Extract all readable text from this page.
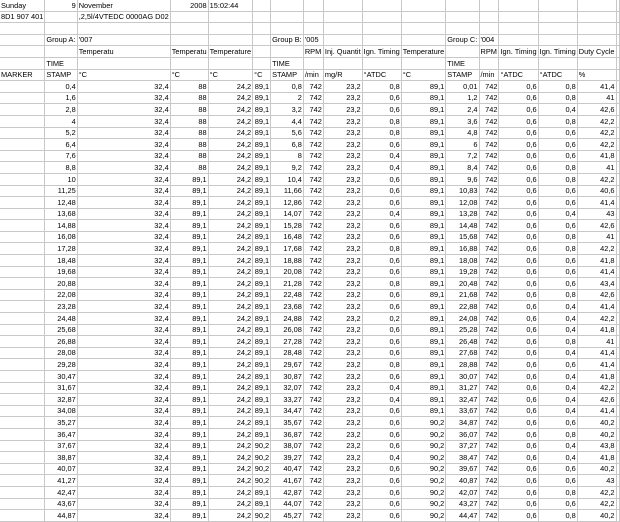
Sunday	9	November	2008	15:02:44												
8D1 907 401		,2,5l/4VTEDC 0000AG D02														

	Group A:	'007				Group B:	'005				Group C:	'004				
		Temperatu	Temperatu	Temperature			RPM	Inj. Quantit	Ign. Timing	Temperature		RPM	Ign. Timing	Ign. Timing	Duty Cycle	
	TIME					TIME					TIME					
MARKER	STAMP	°C	°C	°C	°C	STAMP	/min	mg/R	°ATDC	°C	STAMP	/min	°ATDC	°ATDC	%	
	0,4	32,4	88	24,2	89,1	0,8	742	23,2	0,8	89,1	0,01	742	0,6	0,8	41,4	
	1,6	32,4	88	24,2	89,1	2	742	23,2	0,6	89,1	1,2	742	0,6	0,8	41	
	2,8	32,4	88	24,2	89,1	3,2	742	23,2	0,6	89,1	2,4	742	0,6	0,4	42,6	
	4	32,4	88	24,2	89,1	4,4	742	23,2	0,8	89,1	3,6	742	0,6	0,8	42,2	
	5,2	32,4	88	24,2	89,1	5,6	742	23,2	0,8	89,1	4,8	742	0,6	0,6	42,2	
	6,4	32,4	88	24,2	89,1	6,8	742	23,2	0,6	89,1	6	742	0,6	0,6	42,2	
	7,6	32,4	88	24,2	89,1	8	742	23,2	0,4	89,1	7,2	742	0,6	0,6	41,8	
	8,8	32,4	88	24,2	89,1	9,2	742	23,2	0,4	89,1	8,4	742	0,6	0,8	41	
	10	32,4	89,1	24,2	89,1	10,4	742	23,2	0,6	89,1	9,6	742	0,6	0,8	42,2	
	11,25	32,4	89,1	24,2	89,1	11,66	742	23,2	0,6	89,1	10,83	742	0,6	0,6	40,6	
	12,48	32,4	89,1	24,2	89,1	12,86	742	23,2	0,6	89,1	12,08	742	0,6	0,6	41,4	
	13,68	32,4	89,1	24,2	89,1	14,07	742	23,2	0,4	89,1	13,28	742	0,6	0,4	43	
	14,88	32,4	89,1	24,2	89,1	15,28	742	23,2	0,6	89,1	14,48	742	0,6	0,6	42,6	
	16,08	32,4	89,1	24,2	89,1	16,48	742	23,2	0,6	89,1	15,68	742	0,6	0,8	41	
	17,28	32,4	89,1	24,2	89,1	17,68	742	23,2	0,8	89,1	16,88	742	0,6	0,8	42,2	
	18,48	32,4	89,1	24,2	89,1	18,88	742	23,2	0,6	89,1	18,08	742	0,6	0,6	41,8	
	19,68	32,4	89,1	24,2	89,1	20,08	742	23,2	0,6	89,1	19,28	742	0,6	0,6	41,4	
	20,88	32,4	89,1	24,2	89,1	21,28	742	23,2	0,8	89,1	20,48	742	0,6	0,6	43,4	
	22,08	32,4	89,1	24,2	89,1	22,48	742	23,2	0,6	89,1	21,68	742	0,6	0,8	42,6	
	23,28	32,4	89,1	24,2	89,1	23,68	742	23,2	0,6	89,1	22,88	742	0,6	0,4	41,4	
	24,48	32,4	89,1	24,2	89,1	24,88	742	23,2	0,2	89,1	24,08	742	0,6	0,4	42,2	
	25,68	32,4	89,1	24,2	89,1	26,08	742	23,2	0,6	89,1	25,28	742	0,6	0,4	41,8	
	26,88	32,4	89,1	24,2	89,1	27,28	742	23,2	0,6	89,1	26,48	742	0,6	0,8	41	
	28,08	32,4	89,1	24,2	89,1	28,48	742	23,2	0,6	89,1	27,68	742	0,6	0,4	41,4	
	29,28	32,4	89,1	24,2	89,1	29,67	742	23,2	0,8	89,1	28,88	742	0,6	0,6	41,4	
	30,47	32,4	89,1	24,2	89,1	30,87	742	23,2	0,6	89,1	30,07	742	0,6	0,4	41,8	
	31,67	32,4	89,1	24,2	89,1	32,07	742	23,2	0,4	89,1	31,27	742	0,6	0,4	42,2	
	32,87	32,4	89,1	24,2	89,1	33,27	742	23,2	0,4	89,1	32,47	742	0,6	0,4	42,6	
	34,08	32,4	89,1	24,2	89,1	34,47	742	23,2	0,6	89,1	33,67	742	0,6	0,4	41,4	
	35,27	32,4	89,1	24,2	89,1	35,67	742	23,2	0,6	90,2	34,87	742	0,6	0,6	40,2	
	36,47	32,4	89,1	24,2	89,1	36,87	742	23,2	0,6	90,2	36,07	742	0,6	0,8	40,2	
	37,67	32,4	89,1	24,2	90,2	38,07	742	23,2	0,6	90,2	37,27	742	0,6	0,4	43,8	
	38,87	32,4	89,1	24,2	90,2	39,27	742	23,2	0,4	90,2	38,47	742	0,6	0,4	41,8	
	40,07	32,4	89,1	24,2	90,2	40,47	742	23,2	0,6	90,2	39,67	742	0,6	0,6	40,2	
	41,27	32,4	89,1	24,2	90,2	41,67	742	23,2	0,6	90,2	40,87	742	0,6	0,6	43	
	42,47	32,4	89,1	24,2	89,1	42,87	742	23,2	0,6	90,2	42,07	742	0,6	0,8	42,2	
	43,67	32,4	89,1	24,2	89,1	44,07	742	23,2	0,6	90,2	43,27	742	0,6	0,6	42,2	
	44,87	32,4	89,1	24,2	90,2	45,27	742	23,2	0,6	90,2	44,47	742	0,6	0,8	40,2	
